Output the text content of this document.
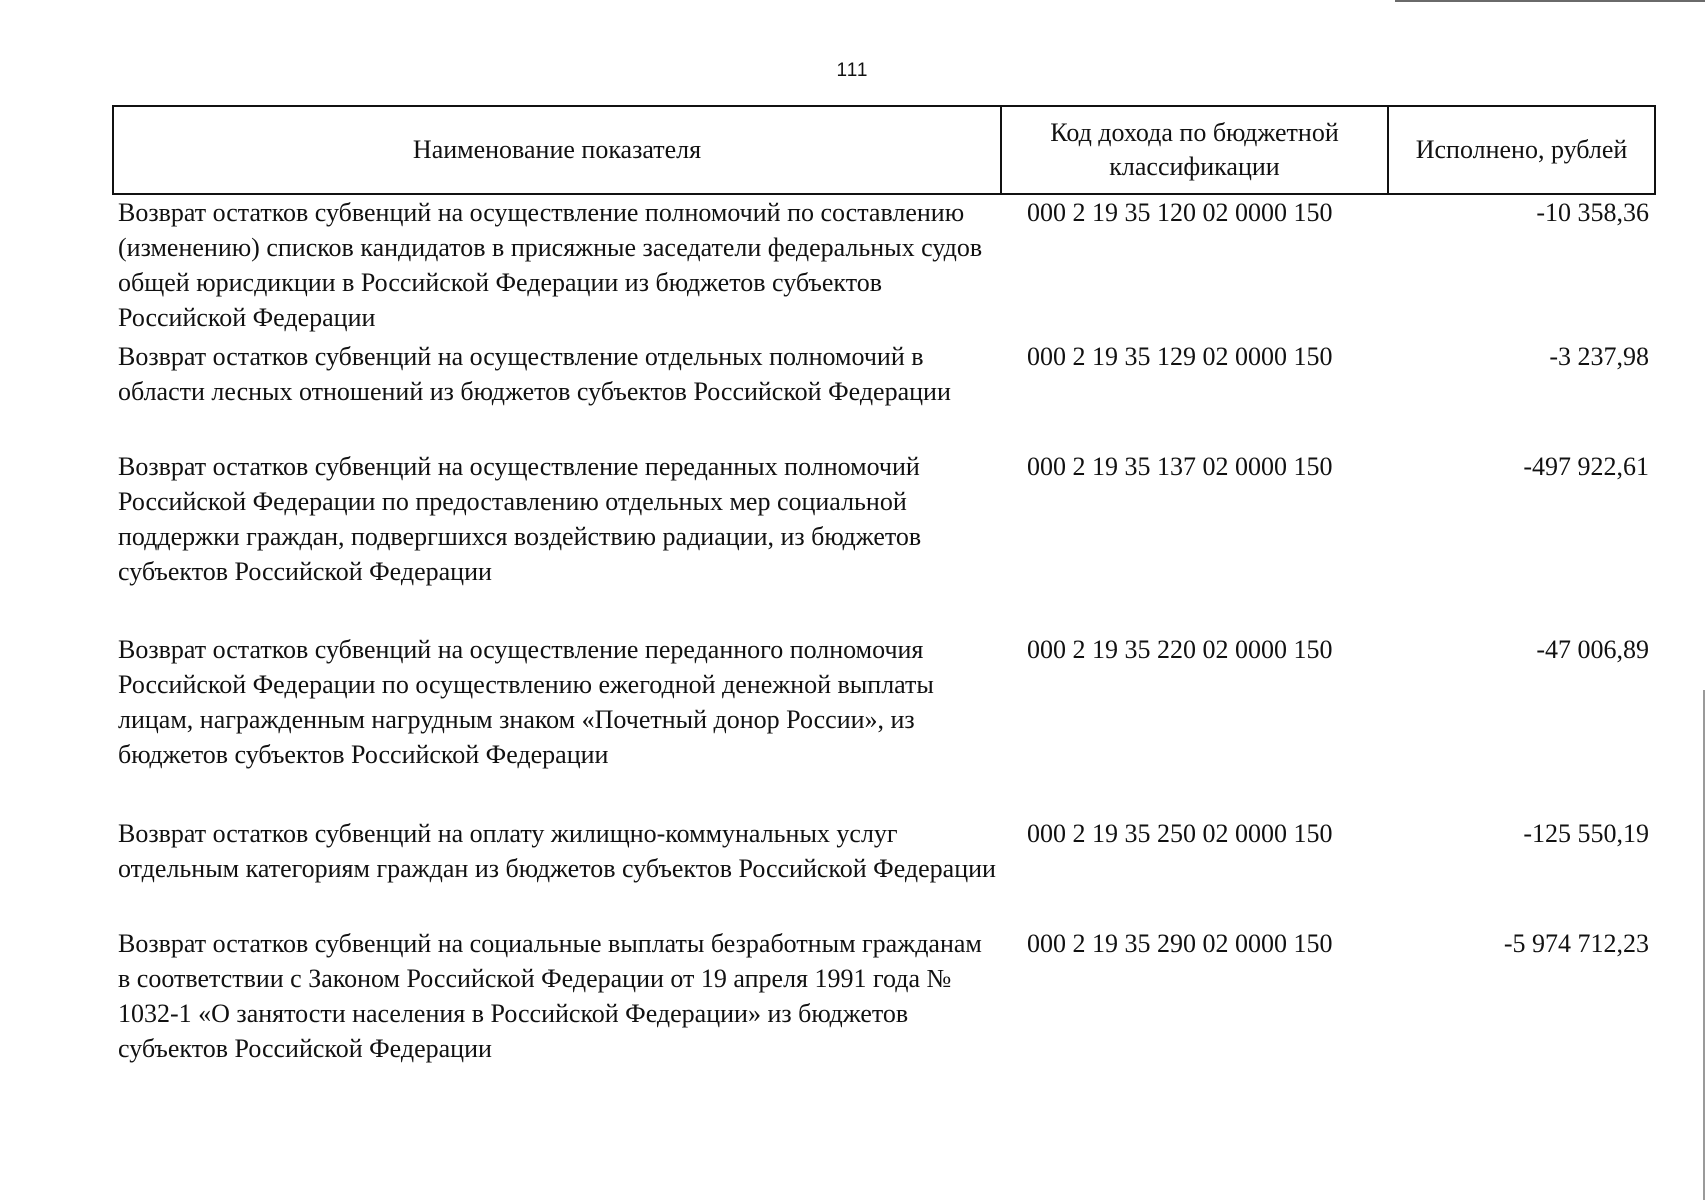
111
Наименование показателя	Код дохода по бюджетной классификации	Исполнено, рублей
Возврат остатков субвенций на осуществление полномочий по составлению (изменению) списков кандидатов в присяжные заседатели федеральных судов общей юрисдикции в Российской Федерации из бюджетов субъектов Российской Федерации	000 2 19 35 120 02 0000 150	-10 358,36
Возврат остатков субвенций на осуществление отдельных полномочий в области лесных отношений из бюджетов субъектов Российской Федерации	000 2 19 35 129 02 0000 150	-3 237,98
Возврат остатков субвенций на осуществление переданных полномочий Российской Федерации по предоставлению отдельных мер социальной поддержки граждан, подвергшихся воздействию радиации, из бюджетов субъектов Российской Федерации	000 2 19 35 137 02 0000 150	-497 922,61
Возврат остатков субвенций на осуществление переданного полномочия Российской Федерации по осуществлению ежегодной денежной выплаты лицам, награжденным нагрудным знаком «Почетный донор России», из бюджетов субъектов Российской Федерации	000 2 19 35 220 02 0000 150	-47 006,89
Возврат остатков субвенций на оплату жилищно-коммунальных услуг отдельным категориям граждан из бюджетов субъектов Российской Федерации	000 2 19 35 250 02 0000 150	-125 550,19
Возврат остатков субвенций на социальные выплаты безработным гражданам в соответствии с Законом Российской Федерации от 19 апреля 1991 года № 1032-1 «О занятости населения в Российской Федерации» из бюджетов субъектов Российской Федерации	000 2 19 35 290 02 0000 150	-5 974 712,23
